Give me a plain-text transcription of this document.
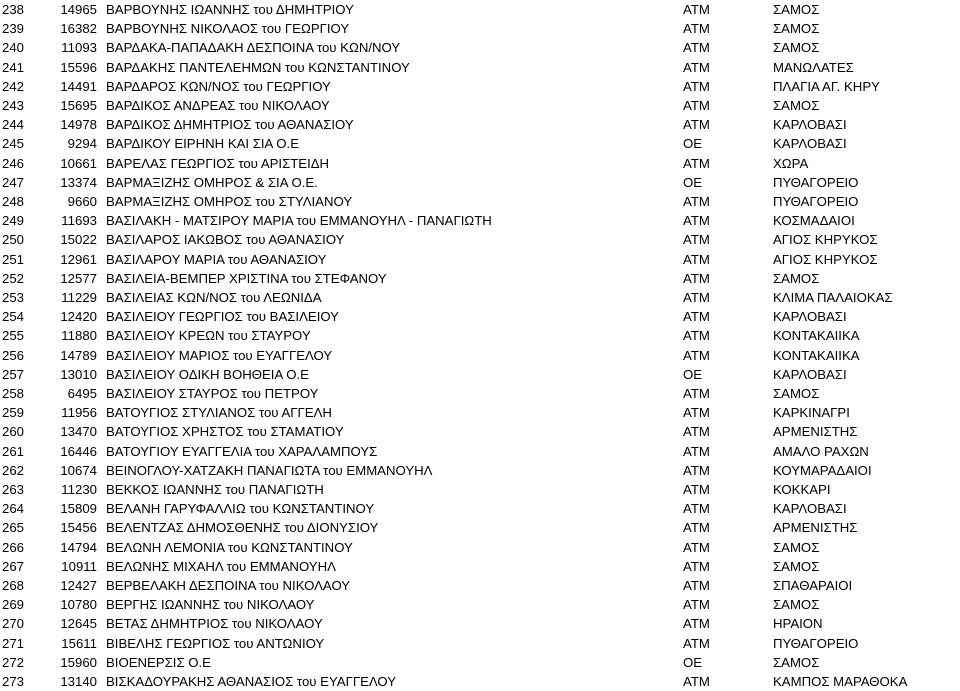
238	14965 ΒΑΡΒΟΥΝΗΣ ΙΩΑΝΝΗΣ του ΔΗΜΗΤΡΙΟΥ	ΑΤΜ	ΣΑΜΟΣ
239	16382 ΒΑΡΒΟΥΝΗΣ ΝΙΚΟΛΑΟΣ του ΓΕΩΡΓΙΟΥ	ΑΤΜ	ΣΑΜΟΣ
240	11093 ΒΑΡΔΑΚΑ-ΠΑΠΑΔΑΚΗ ΔΕΣΠΟΙΝΑ του ΚΩΝ/ΝΟΥ	ΑΤΜ	ΣΑΜΟΣ
241	15596 ΒΑΡΔΑΚΗΣ ΠΑΝΤΕΛΕΗΜΩΝ του ΚΩΝΣΤΑΝΤΙΝΟΥ	ΑΤΜ	ΜΑΝΩΛΑΤΕΣ
242	14491 ΒΑΡΔΑΡΟΣ ΚΩΝ/ΝΟΣ του ΓΕΩΡΓΙΟΥ	ΑΤΜ	ΠΛΑΓΙΑ ΑΓ. ΚΗΡΥ
243	15695 ΒΑΡΔΙΚΟΣ ΑΝΔΡΕΑΣ του ΝΙΚΟΛΑΟΥ	ΑΤΜ	ΣΑΜΟΣ
244	14978 ΒΑΡΔΙΚΟΣ ΔΗΜΗΤΡΙΟΣ του ΑΘΑΝΑΣΙΟΥ	ΑΤΜ	ΚΑΡΛΟΒΑΣΙ
245	9294 ΒΑΡΔΙΚΟΥ ΕΙΡΗΝΗ ΚΑΙ ΣΙΑ Ο.Ε	ΟΕ	ΚΑΡΛΟΒΑΣΙ
246	10661 ΒΑΡΕΛΑΣ ΓΕΩΡΓΙΟΣ του ΑΡΙΣΤΕΙΔΗ	ΑΤΜ	ΧΩΡΑ
247	13374 ΒΑΡΜΑΞΙΖΗΣ ΟΜΗΡΟΣ & ΣΙΑ Ο.Ε.	ΟΕ	ΠΥΘΑΓΟΡΕΙΟ
248	9660 ΒΑΡΜΑΞΙΖΗΣ ΟΜΗΡΟΣ του ΣΤΥΛΙΑΝΟΥ	ΑΤΜ	ΠΥΘΑΓΟΡΕΙΟ
249	11693 ΒΑΣΙΛΑΚΗ - ΜΑΤΣΙΡΟΥ ΜΑΡΙΑ του ΕΜΜΑΝΟΥΗΛ - ΠΑΝΑΓΙΩΤΗ	ΑΤΜ	ΚΟΣΜΑΔΑΙΟΙ
250	15022 ΒΑΣΙΛΑΡΟΣ ΙΑΚΩΒΟΣ του ΑΘΑΝΑΣΙΟΥ	ΑΤΜ	ΑΓΙΟΣ ΚΗΡΥΚΟΣ
251	12961 ΒΑΣΙΛΑΡΟΥ ΜΑΡΙΑ του ΑΘΑΝΑΣΙΟΥ	ΑΤΜ	ΑΓΙΟΣ ΚΗΡΥΚΟΣ
252	12577 ΒΑΣΙΛΕΙΑ-ΒΕΜΠΕΡ ΧΡΙΣΤΙΝΑ του ΣΤΕΦΑΝΟΥ	ΑΤΜ	ΣΑΜΟΣ
253	11229 ΒΑΣΙΛΕΙΑΣ ΚΩΝ/ΝΟΣ του ΛΕΩΝΙΔΑ	ΑΤΜ	ΚΛΙΜΑ ΠΑΛΑΙΟΚΑΣ
254	12420 ΒΑΣΙΛΕΙΟΥ ΓΕΩΡΓΙΟΣ του ΒΑΣΙΛΕΙΟΥ	ΑΤΜ	ΚΑΡΛΟΒΑΣΙ
255	11880 ΒΑΣΙΛΕΙΟΥ ΚΡΕΩΝ του ΣΤΑΥΡΟΥ	ΑΤΜ	ΚΟΝΤΑΚΑΙΙΚΑ
256	14789 ΒΑΣΙΛΕΙΟΥ ΜΑΡΙΟΣ του ΕΥΑΓΓΕΛΟΥ	ΑΤΜ	ΚΟΝΤΑΚΑΙΙΚΑ
257	13010 ΒΑΣΙΛΕΙΟΥ ΟΔΙΚΗ ΒΟΗΘΕΙΑ Ο.Ε	ΟΕ	ΚΑΡΛΟΒΑΣΙ
258	6495 ΒΑΣΙΛΕΙΟΥ ΣΤΑΥΡΟΣ του ΠΕΤΡΟΥ	ΑΤΜ	ΣΑΜΟΣ
259	11956 ΒΑΤΟΥΓΙΟΣ ΣΤΥΛΙΑΝΟΣ του ΑΓΓΕΛΗ	ΑΤΜ	ΚΑΡΚΙΝΑΓΡΙ
260	13470 ΒΑΤΟΥΓΙΟΣ ΧΡΗΣΤΟΣ του ΣΤΑΜΑΤΙΟΥ	ΑΤΜ	ΑΡΜΕΝΙΣΤΗΣ
261	16446 ΒΑΤΟΥΓΙΟΥ ΕΥΑΓΓΕΛΙΑ του ΧΑΡΑΛΑΜΠΟΥΣ	ΑΤΜ	ΑΜΑΛΟ ΡΑΧΩΝ
262	10674 ΒΕΙΝΟΓΛΟΥ-ΧΑΤΖΑΚΗ ΠΑΝΑΓΙΩΤΑ του ΕΜΜΑΝΟΥΗΛ	ΑΤΜ	ΚΟΥΜΑΡΑΔΑΙΟΙ
263	11230 ΒΕΚΚΟΣ ΙΩΑΝΝΗΣ του ΠΑΝΑΓΙΩΤΗ	ΑΤΜ	ΚΟΚΚΑΡΙ
264	15809 ΒΕΛΑΝΗ ΓΑΡΥΦΑΛΛΙΩ του ΚΩΝΣΤΑΝΤΙΝΟΥ	ΑΤΜ	ΚΑΡΛΟΒΑΣΙ
265	15456 ΒΕΛΕΝΤΖΑΣ ΔΗΜΟΣΘΕΝΗΣ του ΔΙΟΝΥΣΙΟΥ	ΑΤΜ	ΑΡΜΕΝΙΣΤΗΣ
266	14794 ΒΕΛΩΝΗ ΛΕΜΟΝΙΑ του ΚΩΝΣΤΑΝΤΙΝΟΥ	ΑΤΜ	ΣΑΜΟΣ
267	10911 ΒΕΛΩΝΗΣ ΜΙΧΑΗΛ του ΕΜΜΑΝΟΥΗΛ	ΑΤΜ	ΣΑΜΟΣ
268	12427 ΒΕΡΒΕΛΑΚΗ ΔΕΣΠΟΙΝΑ του ΝΙΚΟΛΑΟΥ	ΑΤΜ	ΣΠΑΘΑΡΑΙΟΙ
269	10780 ΒΕΡΓΗΣ ΙΩΑΝΝΗΣ του ΝΙΚΟΛΑΟΥ	ΑΤΜ	ΣΑΜΟΣ
270	12645 ΒΕΤΑΣ ΔΗΜΗΤΡΙΟΣ του ΝΙΚΟΛΑΟΥ	ΑΤΜ	ΗΡΑΙΟΝ
271	15611 ΒΙΒΕΛΗΣ ΓΕΩΡΓΙΟΣ του ΑΝΤΩΝΙΟΥ	ΑΤΜ	ΠΥΘΑΓΟΡΕΙΟ
272	15960 ΒΙΟΕΝΕΡΣΙΣ Ο.Ε	ΟΕ	ΣΑΜΟΣ
273	13140 ΒΙΣΚΑΔΟΥΡΑΚΗΣ ΑΘΑΝΑΣΙΟΣ του ΕΥΑΓΓΕΛΟΥ	ΑΤΜ	ΚΑΜΠΟΣ ΜΑΡΑΘΟΚΑ
